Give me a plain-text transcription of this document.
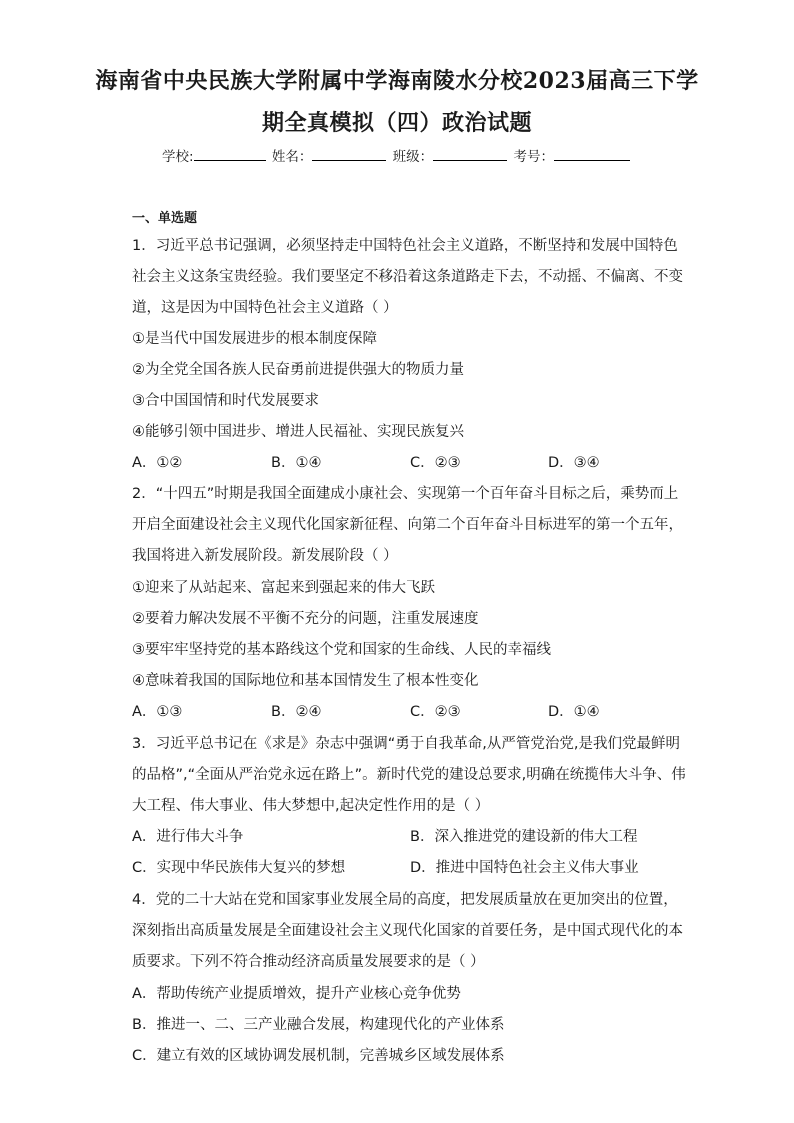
海南省中央民族大学附属中学海南陵水分校2023届高三下学
期全真模拟（四）政治试题
学校:	姓名：	班级：	考号：
一、单选题
1．习近平总书记强调，必须坚持走中国特色社会主义道路，不断坚持和发展中国特色
社会主义这条宝贵经验。我们要坚定不移沿着这条道路走下去，不动摇、不偏离、不变
道，这是因为中国特色社会主义道路（ ）
①是当代中国发展进步的根本制度保障
②为全党全国各族人民奋勇前进提供强大的物质力量
③合中国国情和时代发展要求
④能够引领中国进步、增进人民福祉、实现民族复兴
A．①②	B．①④	C．②③	D．③④
2．“十四五”时期是我国全面建成小康社会、实现第一个百年奋斗目标之后，乘势而上
开启全面建设社会主义现代化国家新征程、向第二个百年奋斗目标进军的第一个五年，
我国将进入新发展阶段。新发展阶段（ ）
①迎来了从站起来、富起来到强起来的伟大飞跃
②要着力解决发展不平衡不充分的问题，注重发展速度
③要牢牢坚持党的基本路线这个党和国家的生命线、人民的幸福线
④意味着我国的国际地位和基本国情发生了根本性变化
A．①③	B．②④	C．②③	D．①④
3．习近平总书记在《求是》杂志中强调“勇于自我革命,从严管党治党,是我们党最鲜明
的品格”,“全面从严治党永远在路上”。新时代党的建设总要求,明确在统揽伟大斗争、伟
大工程、伟大事业、伟大梦想中,起决定性作用的是（ ）
A．进行伟大斗争	B．深入推进党的建设新的伟大工程
C．实现中华民族伟大复兴的梦想	D．推进中国特色社会主义伟大事业
4．党的二十大站在党和国家事业发展全局的高度，把发展质量放在更加突出的位置，
深刻指出高质量发展是全面建设社会主义现代化国家的首要任务，是中国式现代化的本
质要求。下列不符合推动经济高质量发展要求的是（ ）
A．帮助传统产业提质增效，提升产业核心竞争优势
B．推进一、二、三产业融合发展，构建现代化的产业体系
C．建立有效的区域协调发展机制，完善城乡区域发展体系
